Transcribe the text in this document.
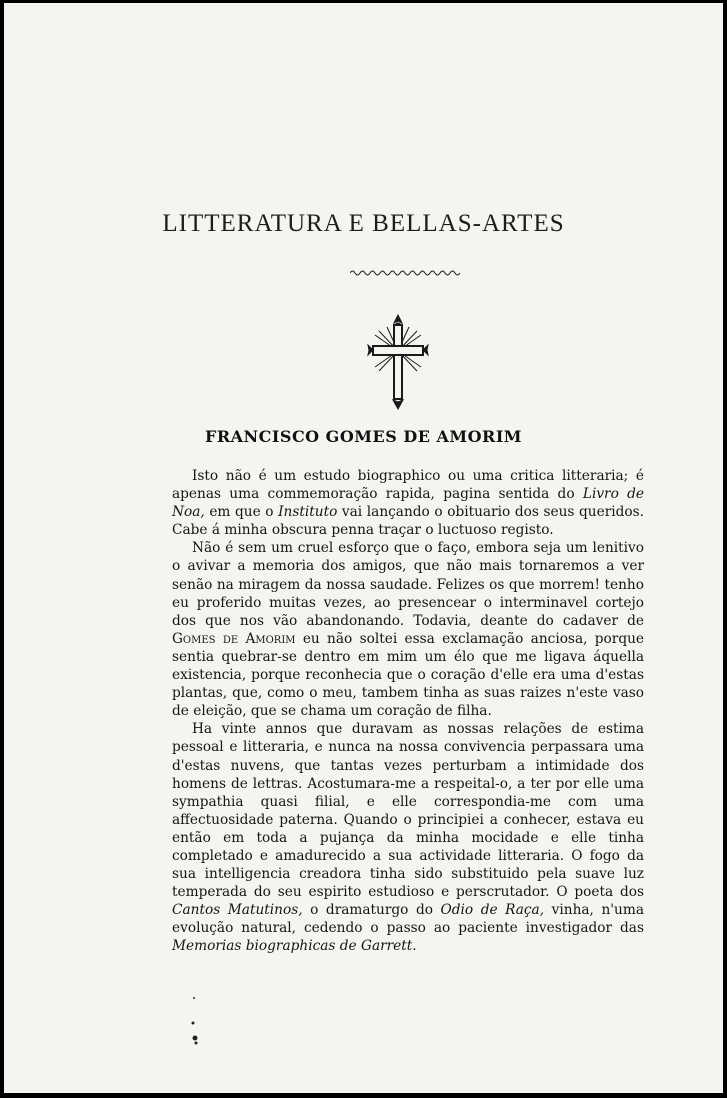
LITTERATURA E BELLAS-ARTES
FRANCISCO GOMES DE AMORIM

Isto não é um estudo biographico ou uma critica litteraria; é apenas uma commemoração rapida, pagina sentida do Livro de Noa, em que o Instituto vai lançando o obituario dos seus queridos. Cabe á minha obscura penna traçar o luctuoso registo.

Não é sem um cruel esforço que o faço, embora seja um lenitivo o avivar a memoria dos amigos, que não mais tornaremos a ver senão na miragem da nossa saudade. Felizes os que morrem! tenho eu proferido muitas vezes, ao presencear o interminavel cortejo dos que nos vão abandonando. Todavia, deante do cadaver de Gomes de Amorim eu não soltei essa exclamação anciosa, porque sentia quebrar-se dentro em mim um élo que me ligava áquella existencia, porque reconhecia que o coração d'elle era uma d'estas plantas, que, como o meu, tambem tinha as suas raizes n'este vaso de eleição, que se chama um coração de filha.

Ha vinte annos que duravam as nossas relações de estima pessoal e litteraria, e nunca na nossa convivencia perpassara uma d'estas nuvens, que tantas vezes perturbam a intimidade dos homens de lettras. Acostumara-me a respeital-o, a ter por elle uma sympathia quasi filial, e elle correspondia-me com uma affectuosidade paterna. Quando o principiei a conhecer, estava eu então em toda a pujança da minha mocidade e elle tinha completado e amadurecido a sua actividade litteraria. O fogo da sua intelligencia creadora tinha sido substituido pela suave luz temperada do seu espirito estudioso e perscrutador. O poeta dos Cantos Matutinos, o dramaturgo do Odio de Raça, vinha, n'uma evolução natural, cedendo o passo ao paciente investigador das Memorias biographicas de Garrett.
